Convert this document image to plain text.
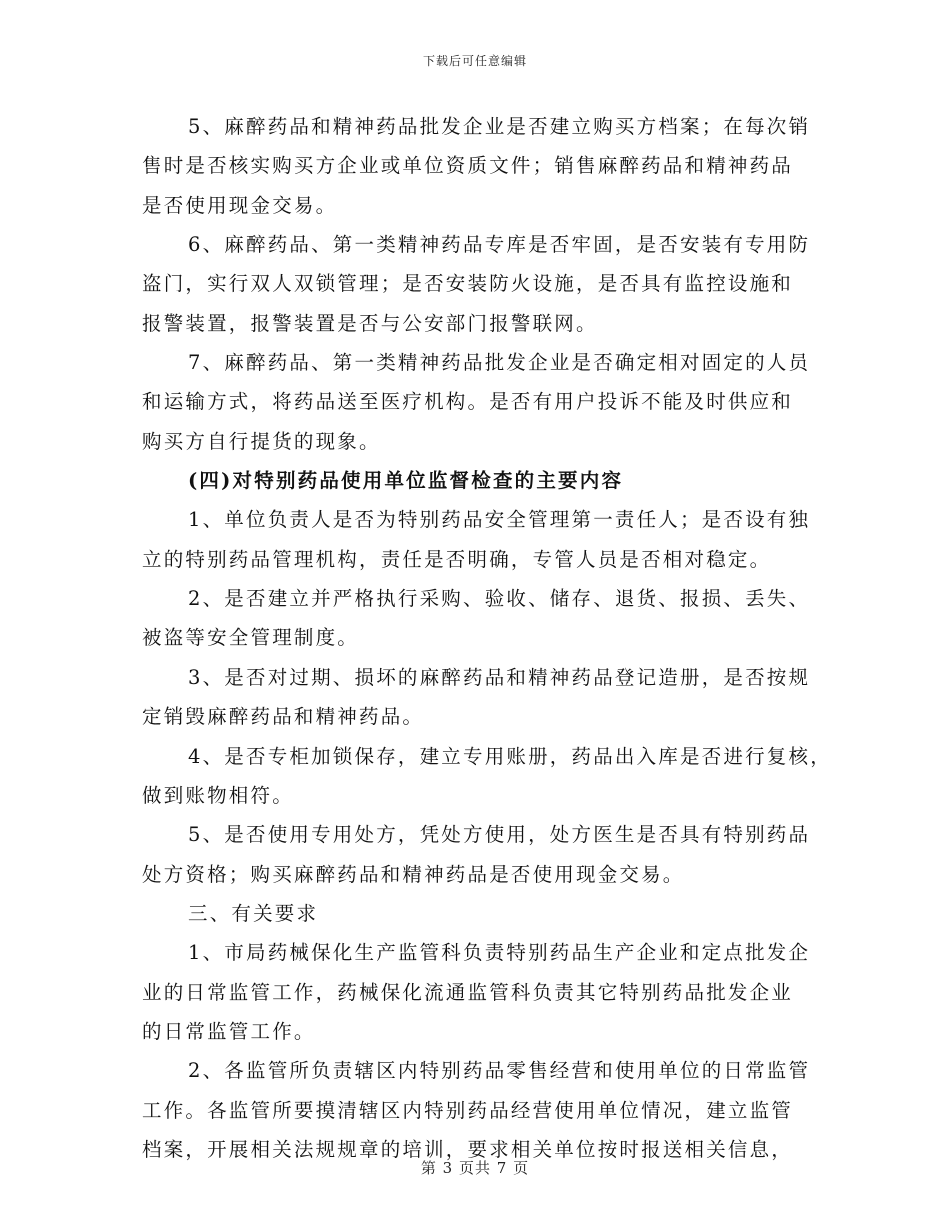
下载后可任意编辑
5、麻醉药品和精神药品批发企业是否建立购买方档案；在每次销
售时是否核实购买方企业或单位资质文件；销售麻醉药品和精神药品
是否使用现金交易。
6、麻醉药品、第一类精神药品专库是否牢固，是否安装有专用防
盗门，实行双人双锁管理；是否安装防火设施，是否具有监控设施和
报警装置，报警装置是否与公安部门报警联网。
7、麻醉药品、第一类精神药品批发企业是否确定相对固定的人员
和运输方式，将药品送至医疗机构。是否有用户投诉不能及时供应和
购买方自行提货的现象。
(四)对特别药品使用单位监督检查的主要内容
1、单位负责人是否为特别药品安全管理第一责任人；是否设有独
立的特别药品管理机构，责任是否明确，专管人员是否相对稳定。
2、是否建立并严格执行采购、验收、储存、退货、报损、丢失、
被盗等安全管理制度。
3、是否对过期、损坏的麻醉药品和精神药品登记造册，是否按规
定销毁麻醉药品和精神药品。
4、是否专柜加锁保存，建立专用账册，药品出入库是否进行复核，
做到账物相符。
5、是否使用专用处方，凭处方使用，处方医生是否具有特别药品
处方资格；购买麻醉药品和精神药品是否使用现金交易。
三、有关要求
1、市局药械保化生产监管科负责特别药品生产企业和定点批发企
业的日常监管工作，药械保化流通监管科负责其它特别药品批发企业
的日常监管工作。
2、各监管所负责辖区内特别药品零售经营和使用单位的日常监管
工作。各监管所要摸清辖区内特别药品经营使用单位情况，建立监管
档案，开展相关法规规章的培训，要求相关单位按时报送相关信息，
第 3 页共 7 页
